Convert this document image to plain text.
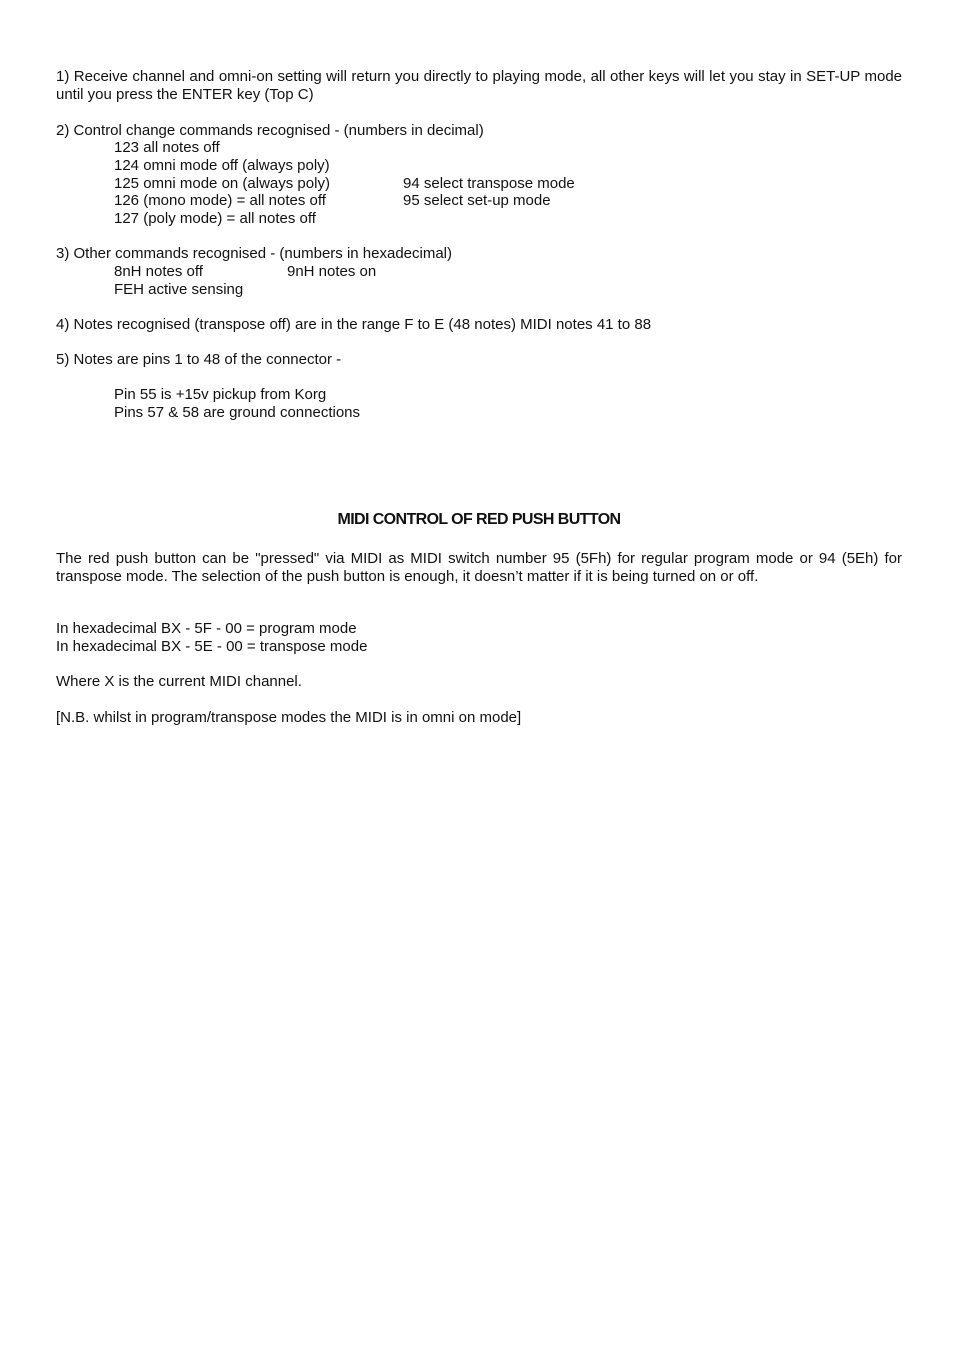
1) Receive channel and omni-on setting will return you directly to playing mode, all other keys will let you stay in SET-UP mode until you press the ENTER key (Top C)
2) Control change commands recognised - (numbers in decimal)
123 all notes off
124 omni mode off (always poly)
125 omni mode on (always poly)
126 (mono mode) = all notes off
127 (poly mode) = all notes off
94 select transpose mode
95 select set-up mode
3) Other commands recognised - (numbers in hexadecimal)
8nH notes off	9nH notes on
FEH active sensing
4) Notes recognised (transpose off) are in the range F to E (48 notes) MIDI notes 41 to 88
5) Notes are pins 1 to 48 of the connector -
Pin 55 is +15v pickup from Korg
Pins 57 & 58 are ground connections
MIDI CONTROL OF RED PUSH BUTTON
The red push button can be "pressed" via MIDI as MIDI switch number 95 (5Fh) for regular program mode or 94 (5Eh) for transpose mode. The selection of the push button is enough, it doesn’t matter if it is being turned on or off.
In hexadecimal BX - 5F - 00 = program mode
In hexadecimal BX - 5E - 00 = transpose mode
Where X is the current MIDI channel.
[N.B. whilst in program/transpose modes the MIDI is in omni on mode]
